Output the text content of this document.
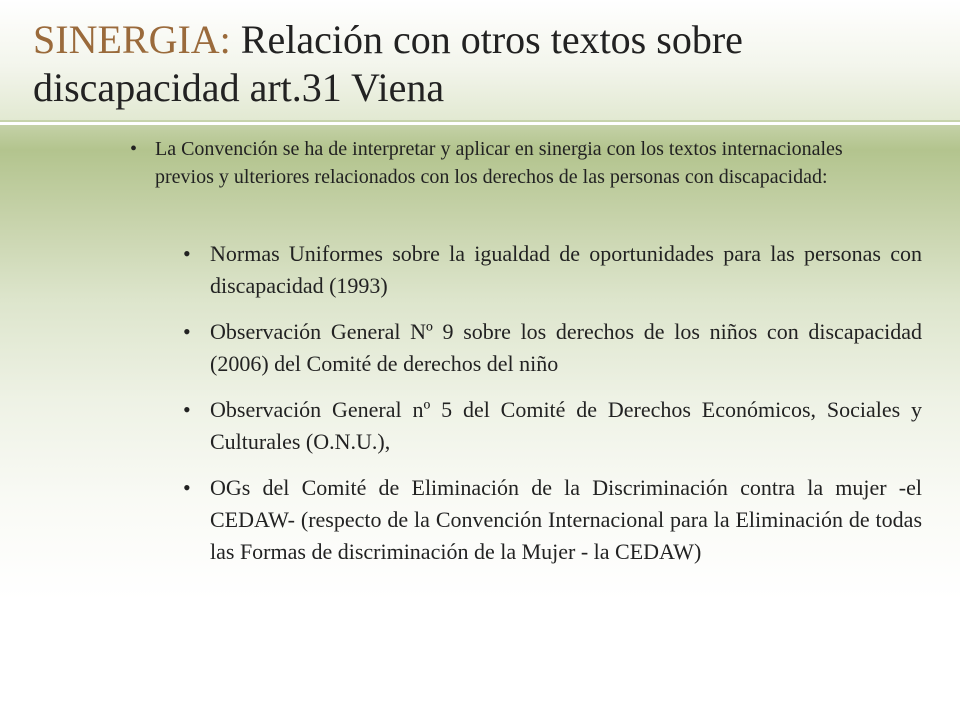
SINERGIA: Relación con otros textos sobre discapacidad art.31 Viena
• La Convención se ha de interpretar y aplicar en sinergia con los textos internacionales previos y ulteriores relacionados con los derechos de las personas con discapacidad:
• Normas Uniformes sobre la igualdad de oportunidades para las personas con discapacidad (1993)
• Observación General Nº 9 sobre los derechos de los niños con discapacidad (2006) del Comité de derechos del niño
• Observación General nº 5 del Comité de Derechos Económicos, Sociales y Culturales (O.N.U.),
• OGs del Comité de Eliminación de la Discriminación contra la mujer -el CEDAW- (respecto de la Convención Internacional para la Eliminación de todas las Formas de discriminación de la Mujer - la CEDAW)
